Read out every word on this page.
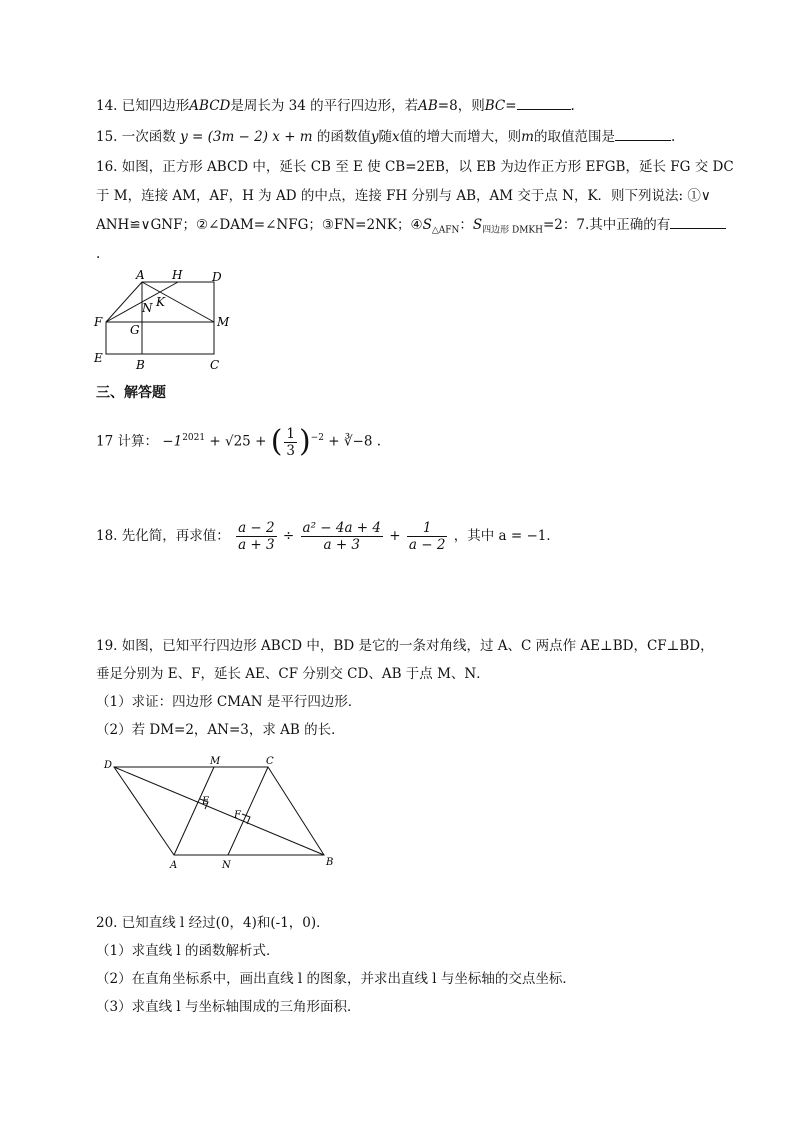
14. 已知四边形ABCD是周长为 34 的平行四边形，若AB=8，则BC=	.
15. 一次函数 y = (3m − 2) x + m 的函数值y随x值的增大而增大，则m的取值范围是	.
16. 如图，正方形 ABCD 中，延长 CB 至 E 使 CB=2EB，以 EB 为边作正方形 EFGB，延长 FG 交 DC
于 M，连接 AM，AF，H 为 AD 的中点，连接 FH 分别与 AB，AM 交于点 N，K．则下列说法: ①∨
ANH≌∨GNF；②∠DAM=∠NFG；③FN=2NK；$④S_{\triangle AFN}$：$S_{四边形 DMKH}=2$：7.其中正确的有
.
A H D
N K
F
G
M
E	B	C
三、解答题
17 计算： $-1^{2021} + √25$ + ( $\frac{1}{3} )^{-2}$ + ∛−8 .
18. 先化简，再求值： $\frac{a - 2}{a + 3} \div \frac{\text{a² − 4a + 4}}{a + 3} + \frac{1}{a - 2}$ ，其中 a = −1．
19. 如图，已知平行四边形 ABCD 中，BD 是它的一条对角线，过 A、C 两点作 AE⊥BD，CF⊥BD，
垂足分别为 E、F，延长 AE、CF 分别交 CD、AB 于点 M、N．
（1）求证：四边形 CMAN 是平行四边形．
（2）若 DM=2，AN=3，求 AB 的长．
D	M	C
E
F
A	N	B
20. 已知直线 l 经过(0，4)和(-1，0)．
（1）求直线 l 的函数解析式．
（2）在直角坐标系中，画出直线 l 的图象，并求出直线 l 与坐标轴的交点坐标．
（3）求直线 l 与坐标轴围成的三角形面积．
